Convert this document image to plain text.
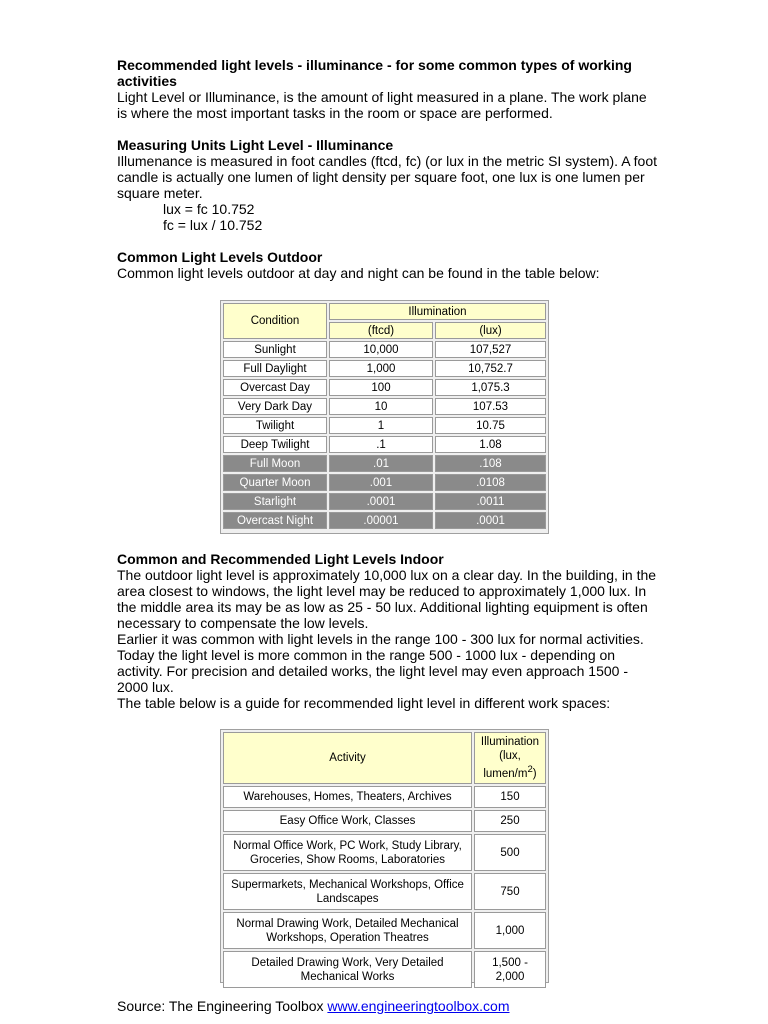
Recommended light levels - illuminance - for some common types of working activities

Light Level or Illuminance, is the amount of light measured in a plane. The work plane is where the most important tasks in the room or space are performed.

Measuring Units Light Level - Illuminance

Illumenance is measured in foot candles (ftcd, fc) (or lux in the metric SI system). A foot candle is actually one lumen of light density per square foot, one lux is one lumen per square meter.

lux = fc 10.752

fc = lux / 10.752

Common Light Levels Outdoor

Common light levels outdoor at day and night can be found in the table below:

Condition	Illumination	
	(ftcd)	(lux)
Sunlight	10,000	107,527
Full Daylight	1,000	10,752.7
Overcast Day	100	1,075.3
Very Dark Day	10	107.53
Twilight	1	10.75
Deep Twilight	.1	1.08
Full Moon	.01	.108
Quarter Moon	.001	.0108
Starlight	.0001	.0011
Overcast Night	.00001	.0001

Common and Recommended Light Levels Indoor

The outdoor light level is approximately 10,000 lux on a clear day. In the building, in the area closest to windows, the light level may be reduced to approximately 1,000 lux. In the middle area its may be as low as 25 - 50 lux. Additional lighting equipment is often necessary to compensate the low levels.

Earlier it was common with light levels in the range 100 - 300 lux for normal activities. Today the light level is more common in the range 500 - 1000 lux - depending on activity. For precision and detailed works, the light level may even approach 1500 - 2000 lux.

The table below is a guide for recommended light level in different work spaces:

Activity	Illumination
(lux,
lumen/$m^2$)
Warehouses, Homes, Theaters, Archives	150
Easy Office Work, Classes	250
Normal Office Work, PC Work, Study Library, Groceries, Show Rooms, Laboratories	500
Supermarkets, Mechanical Workshops, Office Landscapes	750
Normal Drawing Work, Detailed Mechanical Workshops, Operation Theatres	1,000
Detailed Drawing Work, Very Detailed Mechanical Works	1,500 - 2,000
Source: The Engineering Toolbox www.engineeringtoolbox.com
